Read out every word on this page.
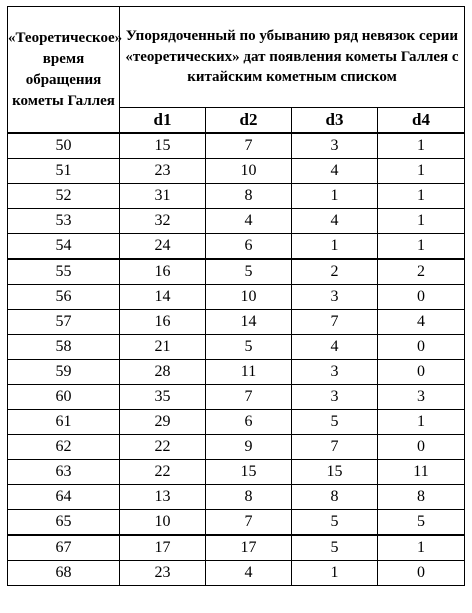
«Теоретическое» время обращения кометы Галлея	Упорядоченный по убыванию ряд невязок серии «теоретических» дат появления кометы Галлея с китайским кометным списком			
	d1	d2	d3	d4
50	15	7	3	1
51	23	10	4	1
52	31	8	1	1
53	32	4	4	1
54	24	6	1	1
55	16	5	2	2
56	14	10	3	0
57	16	14	7	4
58	21	5	4	0
59	28	11	3	0
60	35	7	3	3
61	29	6	5	1
62	22	9	7	0
63	22	15	15	11
64	13	8	8	8
65	10	7	5	5
67	17	17	5	1
68	23	4	1	0
